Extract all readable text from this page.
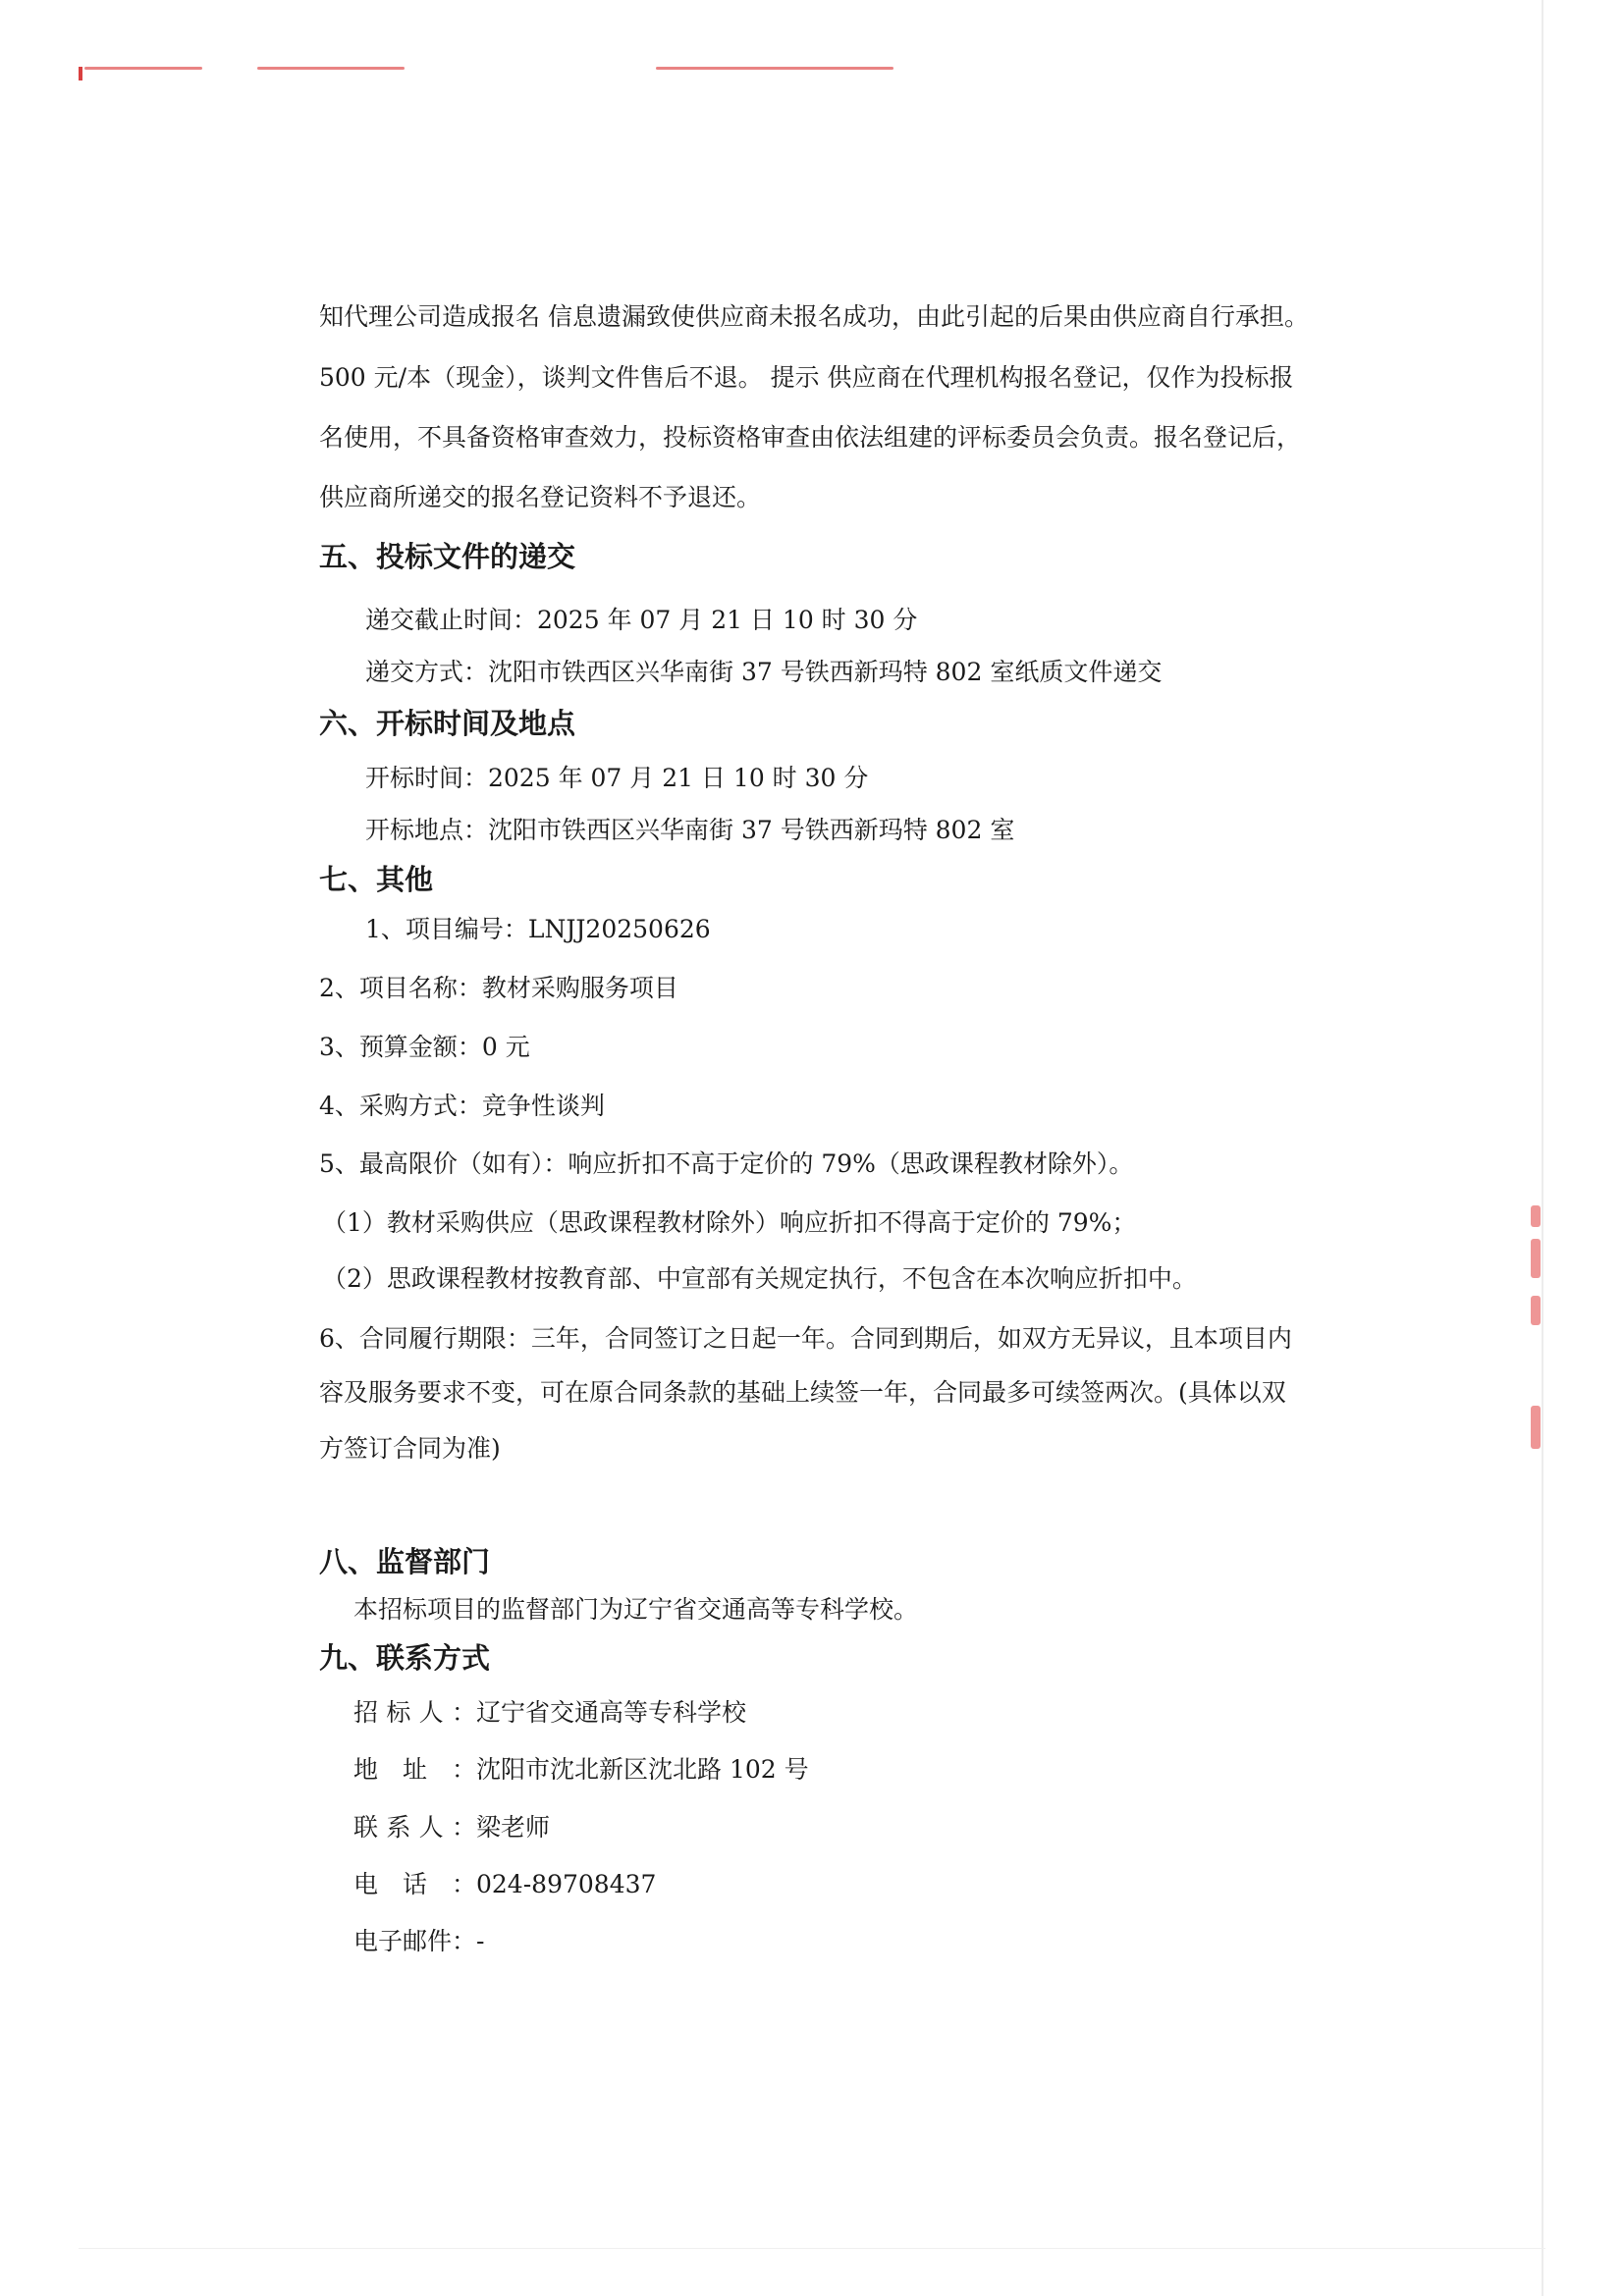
知代理公司造成报名 信息遗漏致使供应商未报名成功，由此引起的后果由供应商自行承担。
500 元/本（现金），谈判文件售后不退。 提示 供应商在代理机构报名登记，仅作为投标报
名使用，不具备资格审查效力，投标资格审查由依法组建的评标委员会负责。报名登记后，
供应商所递交的报名登记资料不予退还。
五、投标文件的递交
递交截止时间：2025 年 07 月 21 日 10 时 30 分
递交方式：沈阳市铁西区兴华南街 37 号铁西新玛特 802 室纸质文件递交
六、开标时间及地点
开标时间：2025 年 07 月 21 日 10 时 30 分
开标地点：沈阳市铁西区兴华南街 37 号铁西新玛特 802 室
七、其他
1、项目编号：LNJJ20250626
2、项目名称：教材采购服务项目
3、预算金额：0 元
4、采购方式：竞争性谈判
5、最高限价（如有）：响应折扣不高于定价的 79%（思政课程教材除外）。
（1）教材采购供应（思政课程教材除外）响应折扣不得高于定价的 79%；
（2）思政课程教材按教育部、中宣部有关规定执行，不包含在本次响应折扣中。
6、合同履行期限：三年，合同签订之日起一年。合同到期后，如双方无异议，且本项目内
容及服务要求不变，可在原合同条款的基础上续签一年，合同最多可续签两次。(具体以双
方签订合同为准)
八、监督部门
本招标项目的监督部门为辽宁省交通高等专科学校。
九、联系方式
招标人：辽宁省交通高等专科学校
地址：沈阳市沈北新区沈北路 102 号
联系人：梁老师
电话：024-89708437
电子邮件：-
